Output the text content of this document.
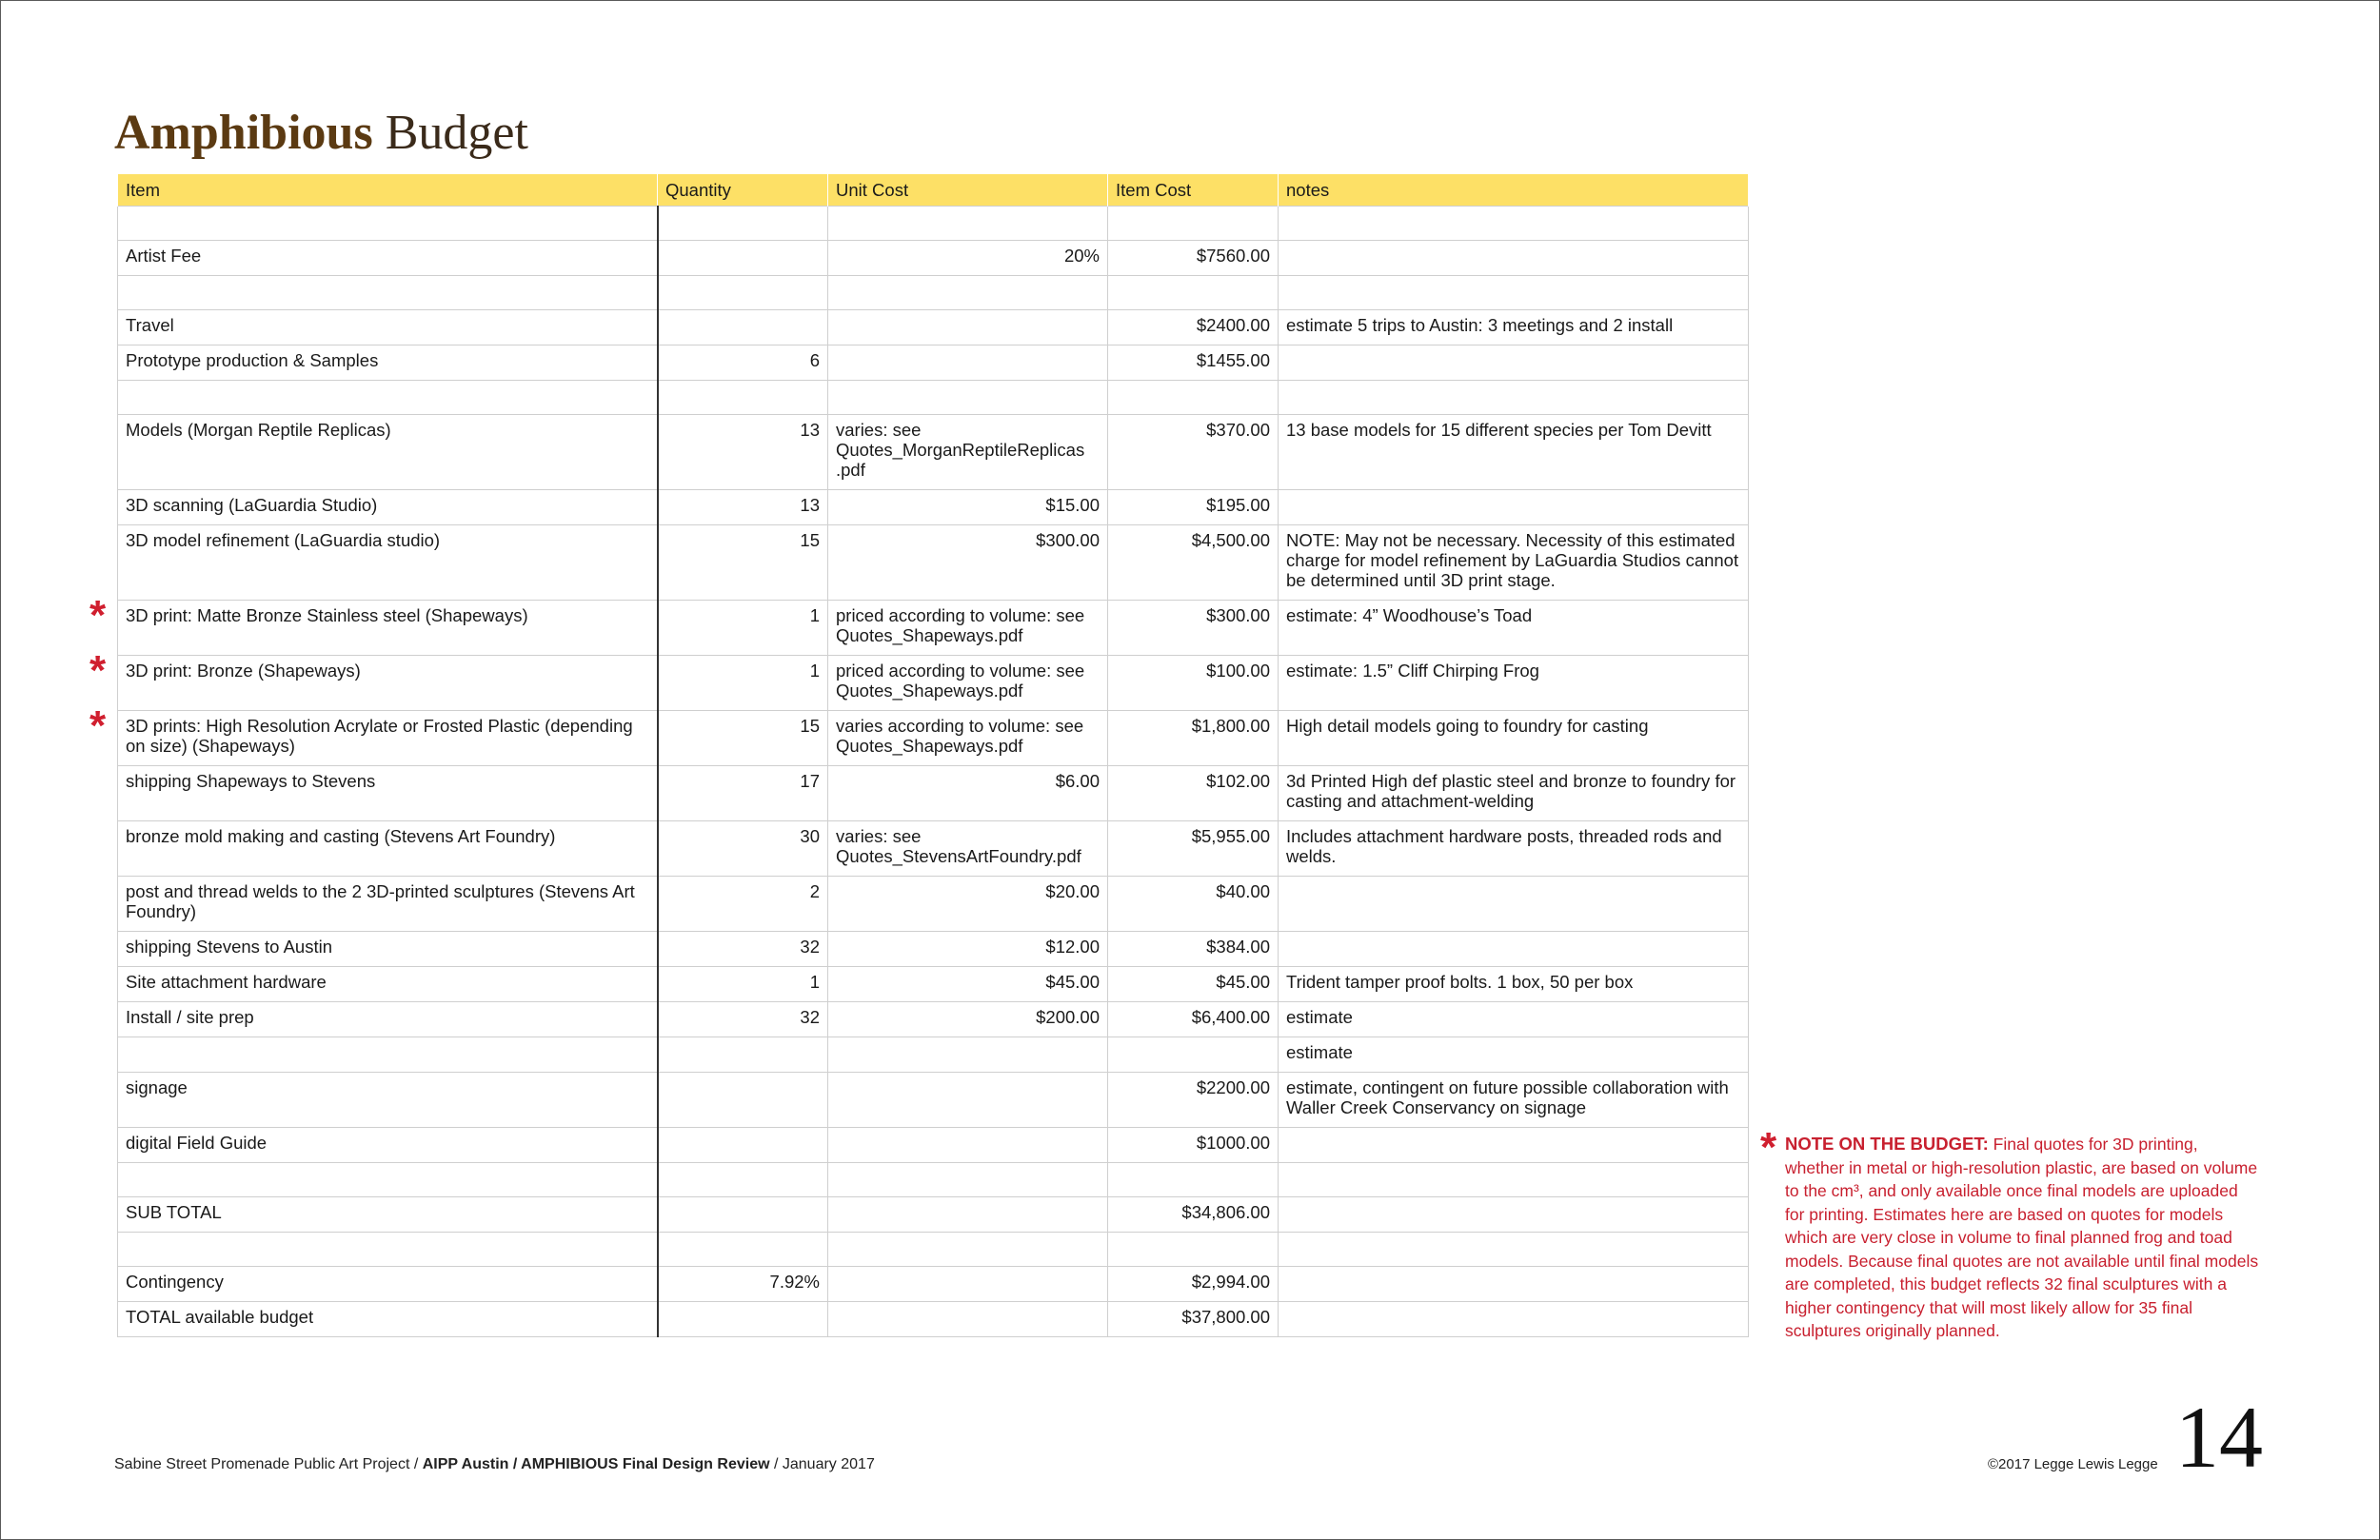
Amphibious Budget
Item	Quantity	Unit Cost	Item Cost	notes

Artist Fee		20%	$7560.00	

Travel			$2400.00	estimate 5 trips to Austin: 3 meetings and 2 install
Prototype production & Samples	6		$1455.00	

Models (Morgan Reptile Replicas)	13	varies: see Quotes_MorganReptileReplicas .pdf	$370.00	13 base models for 15 different species per Tom Devitt
3D scanning (LaGuardia Studio)	13	$15.00	$195.00	
3D model refinement (LaGuardia studio)	15	$300.00	$4,500.00	NOTE: May not be necessary. Necessity of this estimated charge for model refinement by LaGuardia Studios cannot be determined until 3D print stage.

* 3D print: Matte Bronze Stainless steel (Shapeways)	1	priced according to volume: see Quotes_Shapeways.pdf	$300.00	estimate: 4” Woodhouse’s Toad

* 3D print: Bronze (Shapeways)	1	priced according to volume: see Quotes_Shapeways.pdf	$100.00	estimate: 1.5” Cliff Chirping Frog

* 3D prints: High Resolution Acrylate or Frosted Plastic (depending on size) (Shapeways)	15	varies according to volume: see Quotes_Shapeways.pdf	$1,800.00	High detail models going to foundry for casting
shipping Shapeways to Stevens	17	$6.00	$102.00	3d Printed High def plastic steel and bronze to foundry for casting and attachment-welding
bronze mold making and casting (Stevens Art Foundry)	30	varies: see Quotes_StevensArtFoundry.pdf	$5,955.00	Includes attachment hardware posts, threaded rods and welds.
post and thread welds to the 2 3D-printed sculptures (Stevens Art Foundry)	2	$20.00	$40.00	
shipping Stevens to Austin	32	$12.00	$384.00	
Site attachment hardware	1	$45.00	$45.00	Trident tamper proof bolts. 1 box, 50 per box
Install / site prep	32	$200.00	$6,400.00	estimate
				estimate
signage			$2200.00	estimate, contingent on future possible collaboration with Waller Creek Conservancy on signage
digital Field Guide			$1000.00	

SUB TOTAL			$34,806.00	

Contingency	7.92%		$2,994.00	
TOTAL available budget			$37,800.00	
* NOTE ON THE BUDGET: Final quotes for 3D printing, whether in metal or high-resolution plastic, are based on volume to the cm³, and only available once final models are uploaded for printing. Estimates here are based on quotes for models which are very close in volume to final planned frog and toad models. Because final quotes are not available until final models are completed, this budget reflects 32 final sculptures with a higher contingency that will most likely allow for 35 final sculptures originally planned.
Sabine Street Promenade Public Art Project / AIPP Austin / AMPHIBIOUS Final Design Review / January 2017	©2017 Legge Lewis Legge 14
